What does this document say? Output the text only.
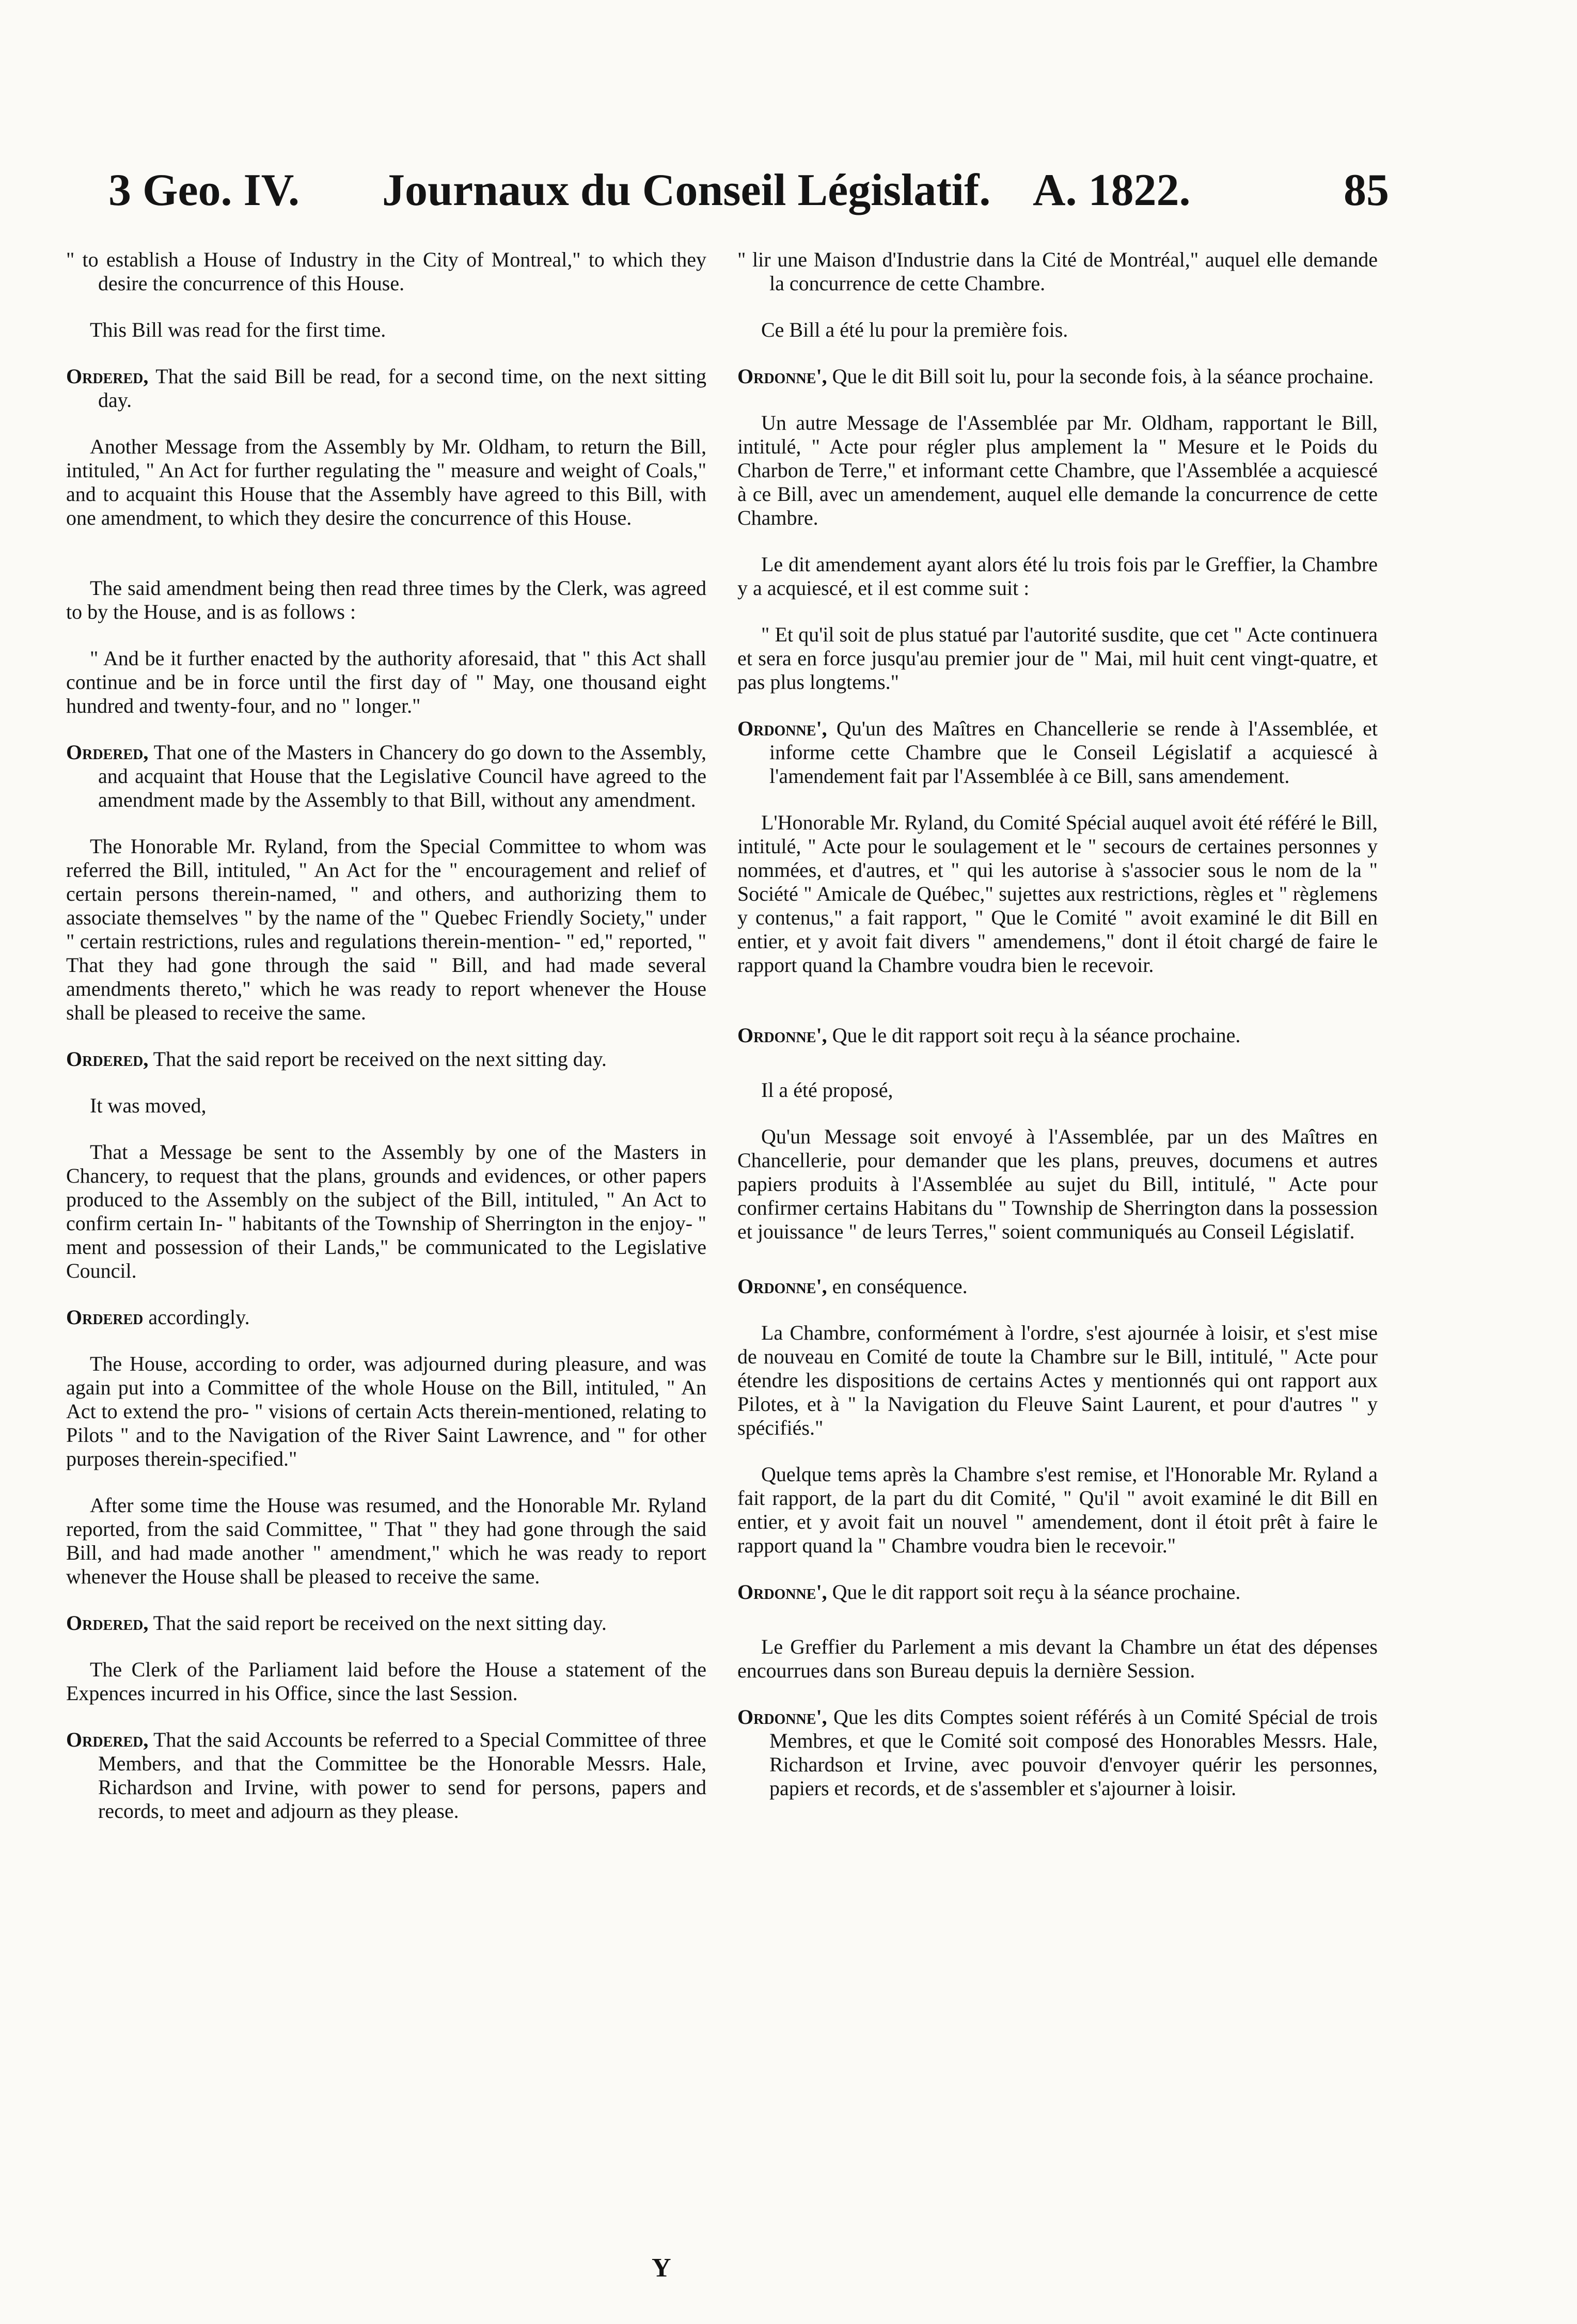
3 Geo. IV.	Journaux du Conseil Législatif. A. 1822.	85

" to establish a House of Industry in the City of Montreal," to which they desire the concurrence of this House.

This Bill was read for the first time.

Ordered, That the said Bill be read, for a second time, on the next sitting day.

Another Message from the Assembly by Mr. Oldham, to return the Bill, intituled, " An Act for further regulating the " measure and weight of Coals," and to acquaint this House that the Assembly have agreed to this Bill, with one amendment, to which they desire the concurrence of this House.

The said amendment being then read three times by the Clerk, was agreed to by the House, and is as follows :

" And be it further enacted by the authority aforesaid, that " this Act shall continue and be in force until the first day of " May, one thousand eight hundred and twenty-four, and no " longer."

Ordered, That one of the Masters in Chancery do go down to the Assembly, and acquaint that House that the Legislative Council have agreed to the amendment made by the Assembly to that Bill, without any amendment.

The Honorable Mr. Ryland, from the Special Committee to whom was referred the Bill, intituled, " An Act for the " encouragement and relief of certain persons therein-named, " and others, and authorizing them to associate themselves " by the name of the " Quebec Friendly Society," under " certain restrictions, rules and regulations therein-mention- " ed," reported, " That they had gone through the said " Bill, and had made several amendments thereto," which he was ready to report whenever the House shall be pleased to receive the same.

Ordered, That the said report be received on the next sitting day.

It was moved,

That a Message be sent to the Assembly by one of the Masters in Chancery, to request that the plans, grounds and evidences, or other papers produced to the Assembly on the subject of the Bill, intituled, " An Act to confirm certain In- " habitants of the Township of Sherrington in the enjoy- " ment and possession of their Lands," be communicated to the Legislative Council.

Ordered accordingly.

The House, according to order, was adjourned during pleasure, and was again put into a Committee of the whole House on the Bill, intituled, " An Act to extend the pro- " visions of certain Acts therein-mentioned, relating to Pilots " and to the Navigation of the River Saint Lawrence, and " for other purposes therein-specified."

After some time the House was resumed, and the Honorable Mr. Ryland reported, from the said Committee, " That " they had gone through the said Bill, and had made another " amendment," which he was ready to report whenever the House shall be pleased to receive the same.

Ordered, That the said report be received on the next sitting day.

The Clerk of the Parliament laid before the House a statement of the Expences incurred in his Office, since the last Session.

Ordered, That the said Accounts be referred to a Special Committee of three Members, and that the Committee be the Honorable Messrs. Hale, Richardson and Irvine, with power to send for persons, papers and records, to meet and adjourn as they please.

" lir une Maison d'Industrie dans la Cité de Montréal," auquel elle demande la concurrence de cette Chambre.

Ce Bill a été lu pour la première fois.

Ordonne', Que le dit Bill soit lu, pour la seconde fois, à la séance prochaine.

Un autre Message de l'Assemblée par Mr. Oldham, rapportant le Bill, intitulé, " Acte pour régler plus amplement la " Mesure et le Poids du Charbon de Terre," et informant cette Chambre, que l'Assemblée a acquiescé à ce Bill, avec un amendement, auquel elle demande la concurrence de cette Chambre.

Le dit amendement ayant alors été lu trois fois par le Greffier, la Chambre y a acquiescé, et il est comme suit :

" Et qu'il soit de plus statué par l'autorité susdite, que cet " Acte continuera et sera en force jusqu'au premier jour de " Mai, mil huit cent vingt-quatre, et pas plus longtems."

Ordonne', Qu'un des Maîtres en Chancellerie se rende à l'Assemblée, et informe cette Chambre que le Conseil Législatif a acquiescé à l'amendement fait par l'Assemblée à ce Bill, sans amendement.

L'Honorable Mr. Ryland, du Comité Spécial auquel avoit été référé le Bill, intitulé, " Acte pour le soulagement et le " secours de certaines personnes y nommées, et d'autres, et " qui les autorise à s'associer sous le nom de la " Société " Amicale de Québec," sujettes aux restrictions, règles et " règlemens y contenus," a fait rapport, " Que le Comité " avoit examiné le dit Bill en entier, et y avoit fait divers " amendemens," dont il étoit chargé de faire le rapport quand la Chambre voudra bien le recevoir.

Ordonne', Que le dit rapport soit reçu à la séance prochaine.

Il a été proposé,

Qu'un Message soit envoyé à l'Assemblée, par un des Maîtres en Chancellerie, pour demander que les plans, preuves, documens et autres papiers produits à l'Assemblée au sujet du Bill, intitulé, " Acte pour confirmer certains Habitans du " Township de Sherrington dans la possession et jouissance " de leurs Terres," soient communiqués au Conseil Législatif.

Ordonne', en conséquence.

La Chambre, conformément à l'ordre, s'est ajournée à loisir, et s'est mise de nouveau en Comité de toute la Chambre sur le Bill, intitulé, " Acte pour étendre les dispositions de certains Actes y mentionnés qui ont rapport aux Pilotes, et à " la Navigation du Fleuve Saint Laurent, et pour d'autres " y spécifiés."

Quelque tems après la Chambre s'est remise, et l'Honorable Mr. Ryland a fait rapport, de la part du dit Comité, " Qu'il " avoit examiné le dit Bill en entier, et y avoit fait un nouvel " amendement, dont il étoit prêt à faire le rapport quand la " Chambre voudra bien le recevoir."

Ordonne', Que le dit rapport soit reçu à la séance prochaine.

Le Greffier du Parlement a mis devant la Chambre un état des dépenses encourrues dans son Bureau depuis la dernière Session.

Ordonne', Que les dits Comptes soient référés à un Comité Spécial de trois Membres, et que le Comité soit composé des Honorables Messrs. Hale, Richardson et Irvine, avec pouvoir d'envoyer quérir les personnes, papiers et records, et de s'assembler et s'ajourner à loisir.

Y
